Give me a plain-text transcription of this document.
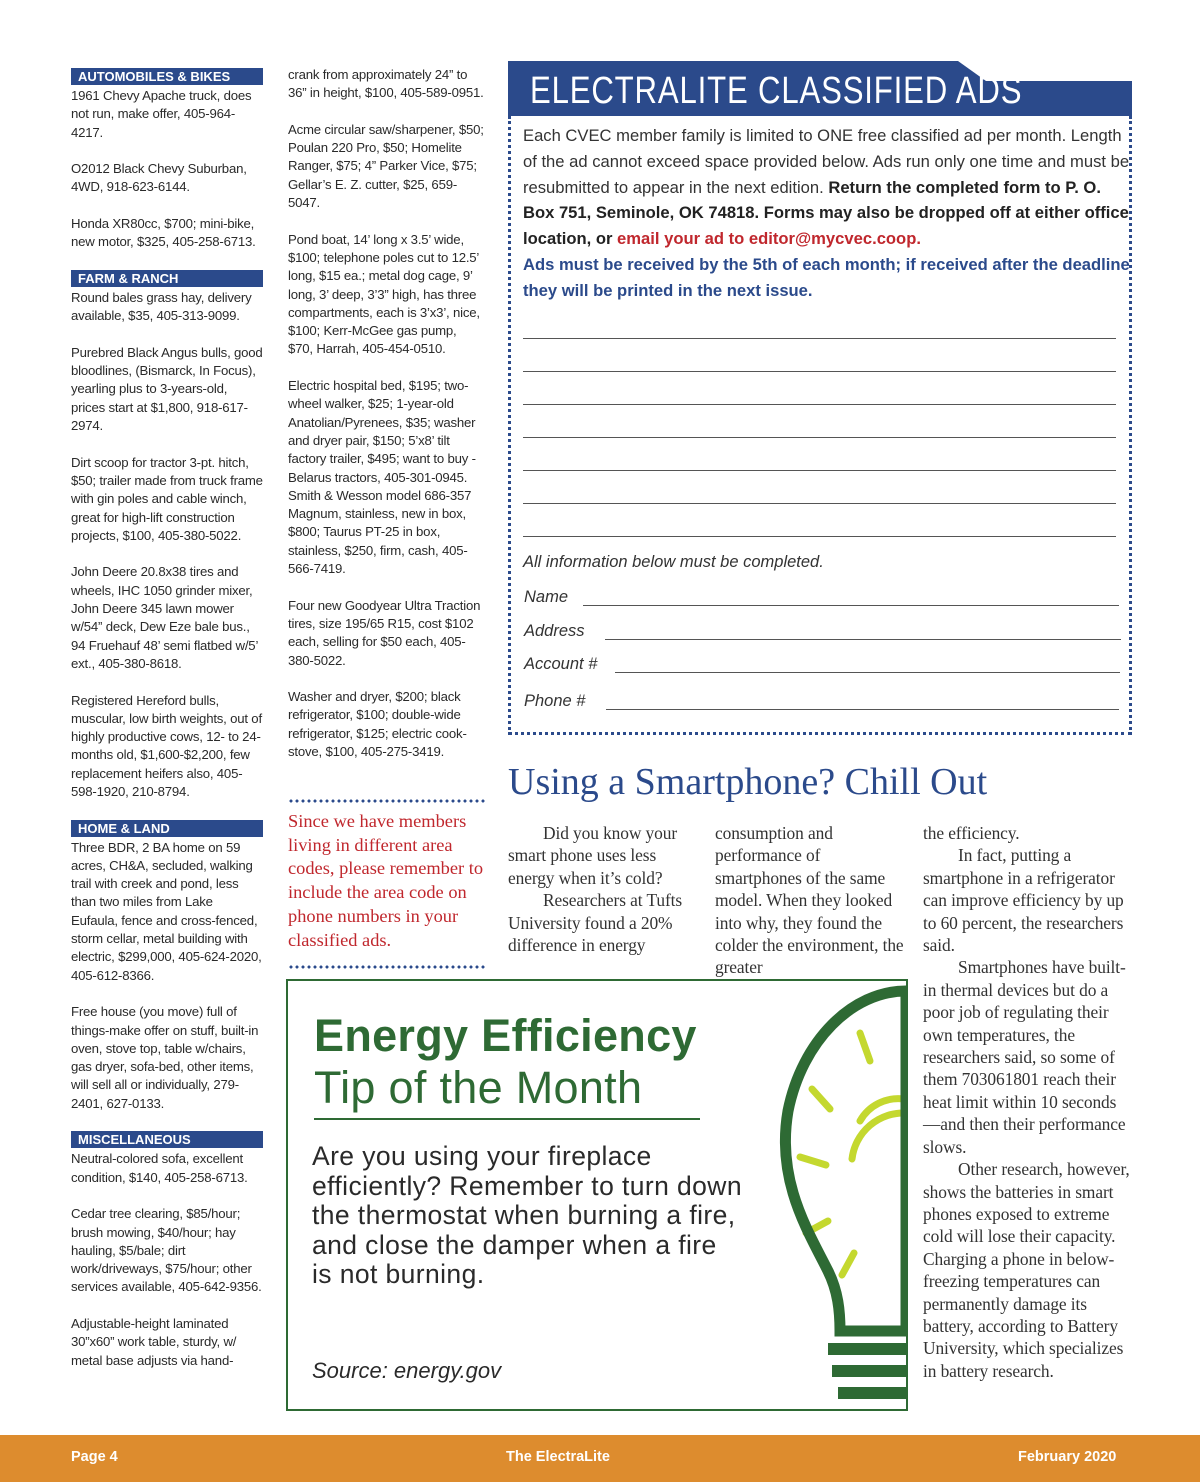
AUTOMOBILES & BIKES
1961 Chevy Apache truck, does not run, make offer, 405-964-4217.
O2012 Black Chevy Suburban, 4WD, 918-623-6144.
Honda XR80cc, $700; mini-bike, new motor, $325, 405-258-6713.
FARM & RANCH
Round bales grass hay, delivery available, $35, 405-313-9099.
Purebred Black Angus bulls, good bloodlines, (Bismarck, In Focus), yearling plus to 3-years-old, prices start at $1,800, 918-617-2974.
Dirt scoop for tractor 3-pt. hitch, $50; trailer made from truck frame with gin poles and cable winch, great for high-lift construction projects, $100, 405-380-5022.
John Deere 20.8x38 tires and wheels, IHC 1050 grinder mixer, John Deere 345 lawn mower w/54” deck, Dew Eze bale bus., 94 Fruehauf 48’ semi flatbed w/5’ ext., 405-380-8618.
Registered Hereford bulls, muscular, low birth weights, out of highly productive cows, 12- to 24-months old, $1,600-$2,200, few replacement heifers also, 405-598-1920, 210-8794.
HOME & LAND
Three BDR, 2 BA home on 59 acres, CH&A, secluded, walking trail with creek and pond, less than two miles from Lake Eufaula, fence and cross-fenced, storm cellar, metal building with electric, $299,000, 405-624-2020, 405-612-8366.
Free house (you move) full of things-make offer on stuff, built-in oven, stove top, table w/chairs, gas dryer, sofa-bed, other items, will sell all or individually, 279-2401, 627-0133.
MISCELLANEOUS
Neutral-colored sofa, excellent condition, $140, 405-258-6713.
Cedar tree clearing, $85/hour; brush mowing, $40/hour; hay hauling, $5/bale; dirt work/driveways, $75/hour; other services available, 405-642-9356.
Adjustable-height laminated 30”x60” work table, sturdy, w/ metal base adjusts via hand-
crank from approximately 24” to 36” in height, $100, 405-589-0951.
Acme circular saw/sharpener, $50; Poulan 220 Pro, $50; Homelite Ranger, $75; 4” Parker Vice, $75; Gellar’s E. Z. cutter, $25, 659-5047.
Pond boat, 14’ long x 3.5’ wide, $100; telephone poles cut to 12.5’ long, $15 ea.; metal dog cage, 9’ long, 3’ deep, 3’3” high, has three compartments, each is 3’x3’, nice, $100; Kerr-McGee gas pump, $70, Harrah, 405-454-0510.
Electric hospital bed, $195; two-wheel walker, $25; 1-year-old Anatolian/Pyrenees, $35; washer and dryer pair, $150; 5’x8’ tilt factory trailer, $495; want to buy - Belarus tractors, 405-301-0945. Smith & Wesson model 686-357 Magnum, stainless, new in box, $800; Taurus PT-25 in box, stainless, $250, firm, cash, 405-566-7419.
Four new Goodyear Ultra Traction tires, size 195/65 R15, cost $102 each, selling for $50 each, 405-380-5022.
Washer and dryer, $200; black refrigerator, $100; double-wide refrigerator, $125; electric cook-stove, $100, 405-275-3419.
Since we have members living in different area codes, please remember to include the area code on phone numbers in your classified ads.
ELECTRALITE CLASSIFIED ADS
Each CVEC member family is limited to ONE free classified ad per month. Length of the ad cannot exceed space provided below. Ads run only one time and must be resubmitted to appear in the next edition. Return the completed form to P. O. Box 751, Seminole, OK 74818. Forms may also be dropped off at either office location, or email your ad to editor@mycvec.coop.
Ads must be received by the 5th of each month; if received after the deadline they will be printed in the next issue.
All information below must be completed.
Name
Address
Account #
Phone #
Using a Smartphone? Chill Out

Did you know your smart phone uses less energy when it’s cold?

Researchers at Tufts University found a 20% difference in energy

consumption and performance of smartphones of the same model. When they looked into why, they found the colder the environment, the greater

the efficiency.

In fact, putting a smartphone in a refrigerator can improve efficiency by up to 60 percent, the researchers said.

Smartphones have built-in thermal devices but do a poor job of regulating their own temperatures, the researchers said, so some of them 703061801 reach their heat limit within 10 seconds—and then their performance slows.

Other research, however, shows the batteries in smart phones exposed to extreme cold will lose their capacity. Charging a phone in below-freezing temperatures can permanently damage its battery, according to Battery University, which specializes in battery research.

Energy Efficiency
Tip of the Month
Are you using your fireplace efficiently? Remember to turn down the thermostat when burning a fire, and close the damper when a fire is not burning.
Source: energy.gov
Page 4	The ElectraLite	February 2020
